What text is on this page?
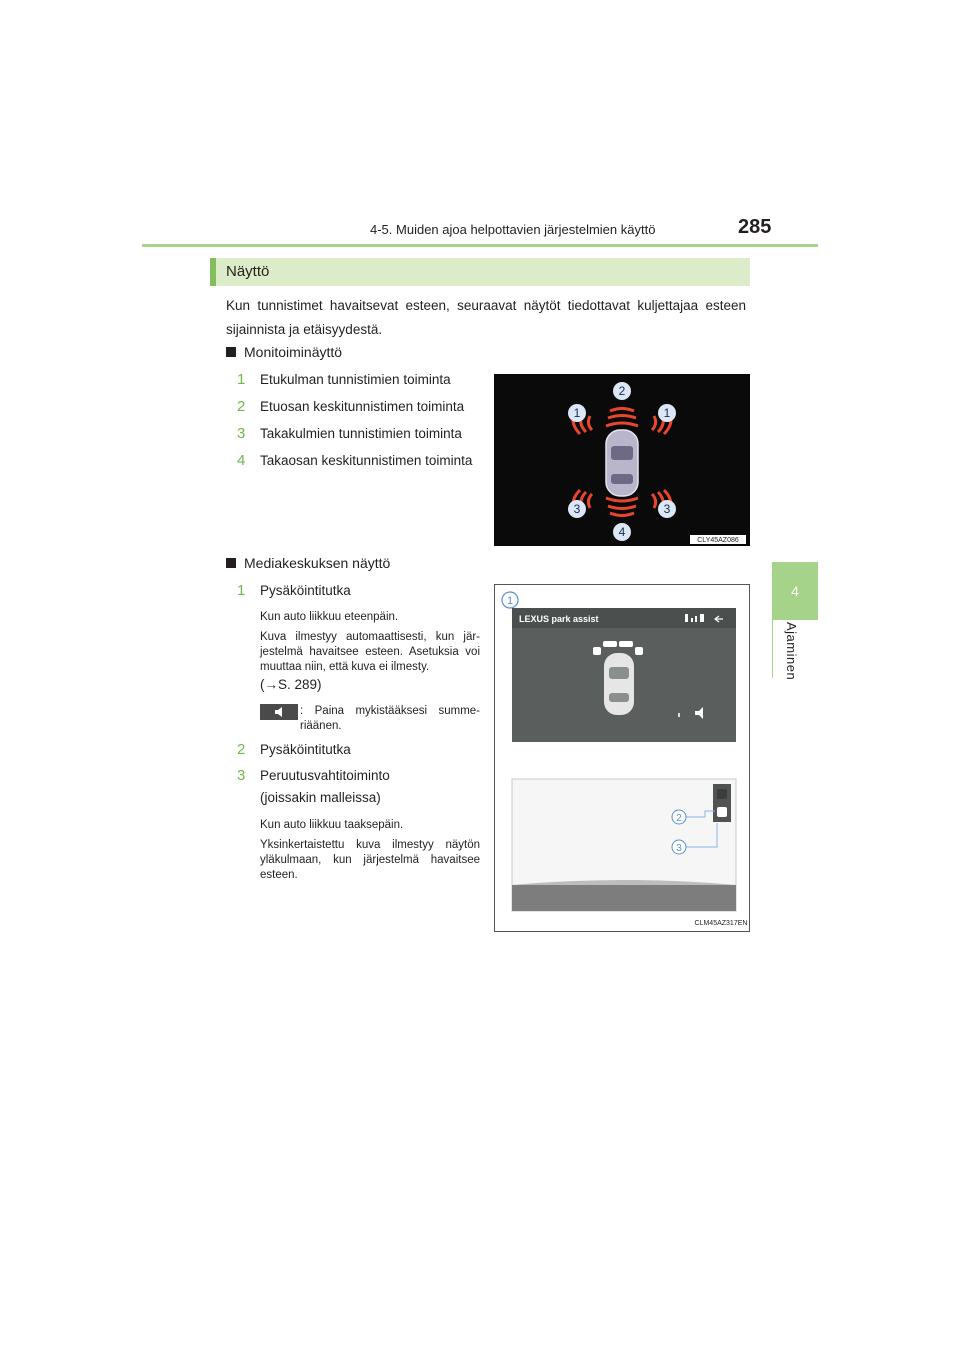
4-5. Muiden ajoa helpottavien järjestelmien käyttö	285
4
Ajaminen
Näyttö
Kun tunnistimet havaitsevat esteen, seuraavat näytöt tiedottavat kuljettajaa esteen sijainnista ja etäisyydestä.
Monitoiminäyttö
1 Etukulman tunnistimien toiminta
2 Etuosan keskitunnistimen toiminta
3 Takakulmien tunnistimien toiminta
4 Takaosan keskitunnistimen toiminta
2
1	1
3	3
4
CLY45AZ086
Mediakeskuksen näyttö
1 Pysäköintitutka
Kun auto liikkuu eteenpäin.
Kuva ilmestyy automaattisesti, kun jär-jestelmä havaitsee esteen. Asetuksia voi muuttaa niin, että kuva ei ilmesty.
(→S. 289)
: Paina mykistääksesi summe-riäänen.
2 Pysäköintitutka
3 Peruutusvahtitoiminto
(joissakin malleissa)
Kun auto liikkuu taaksepäin.
Yksinkertaistettu kuva ilmestyy näytön yläkulmaan, kun järjestelmä havaitsee esteen.
1
LEXUS park assist
2
3
CLM45AZ317EN
